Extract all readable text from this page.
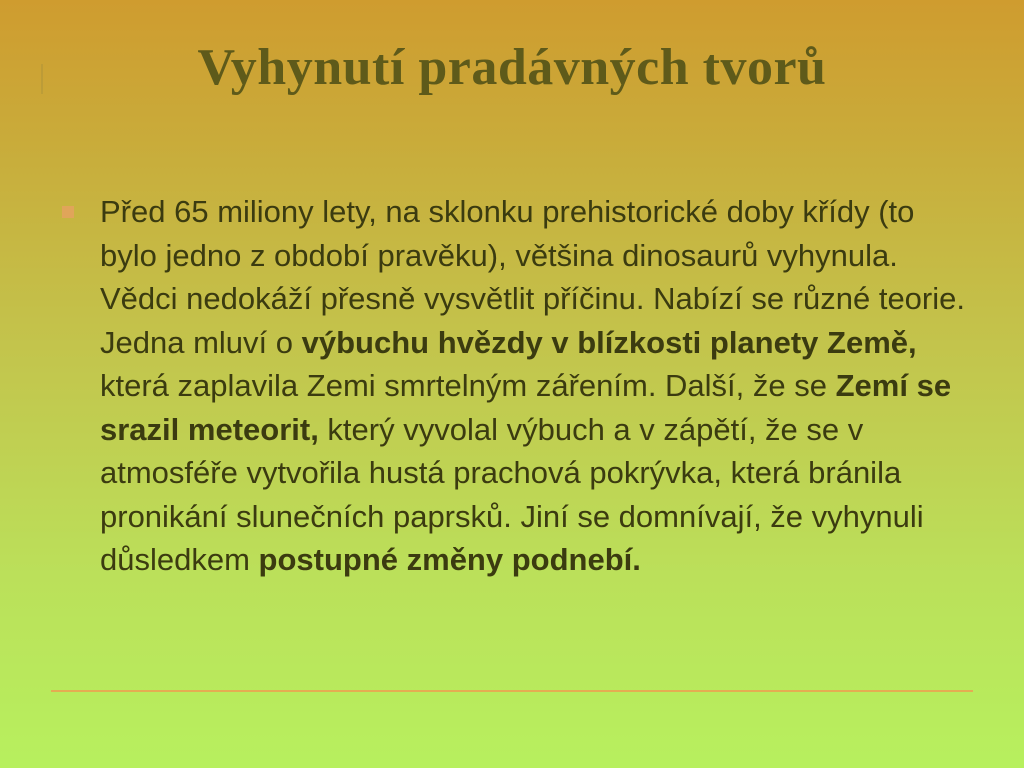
Vyhynutí pradávných tvorů
Před 65 miliony lety, na sklonku prehistorické doby křídy (to bylo jedno z období pravěku), většina dinosaurů vyhynula. Vědci nedokáží přesně vysvětlit příčinu. Nabízí se různé teorie. Jedna mluví o výbuchu hvězdy v blízkosti planety Země, která zaplavila Zemi smrtelným zářením. Další, že se Zemí se srazil meteorit, který vyvolal výbuch a v zápětí, že se v atmosféře vytvořila hustá prachová pokrývka, která bránila pronikání slunečních paprsků. Jiní se domnívají, že vyhynuli důsledkem postupné změny podnebí.
